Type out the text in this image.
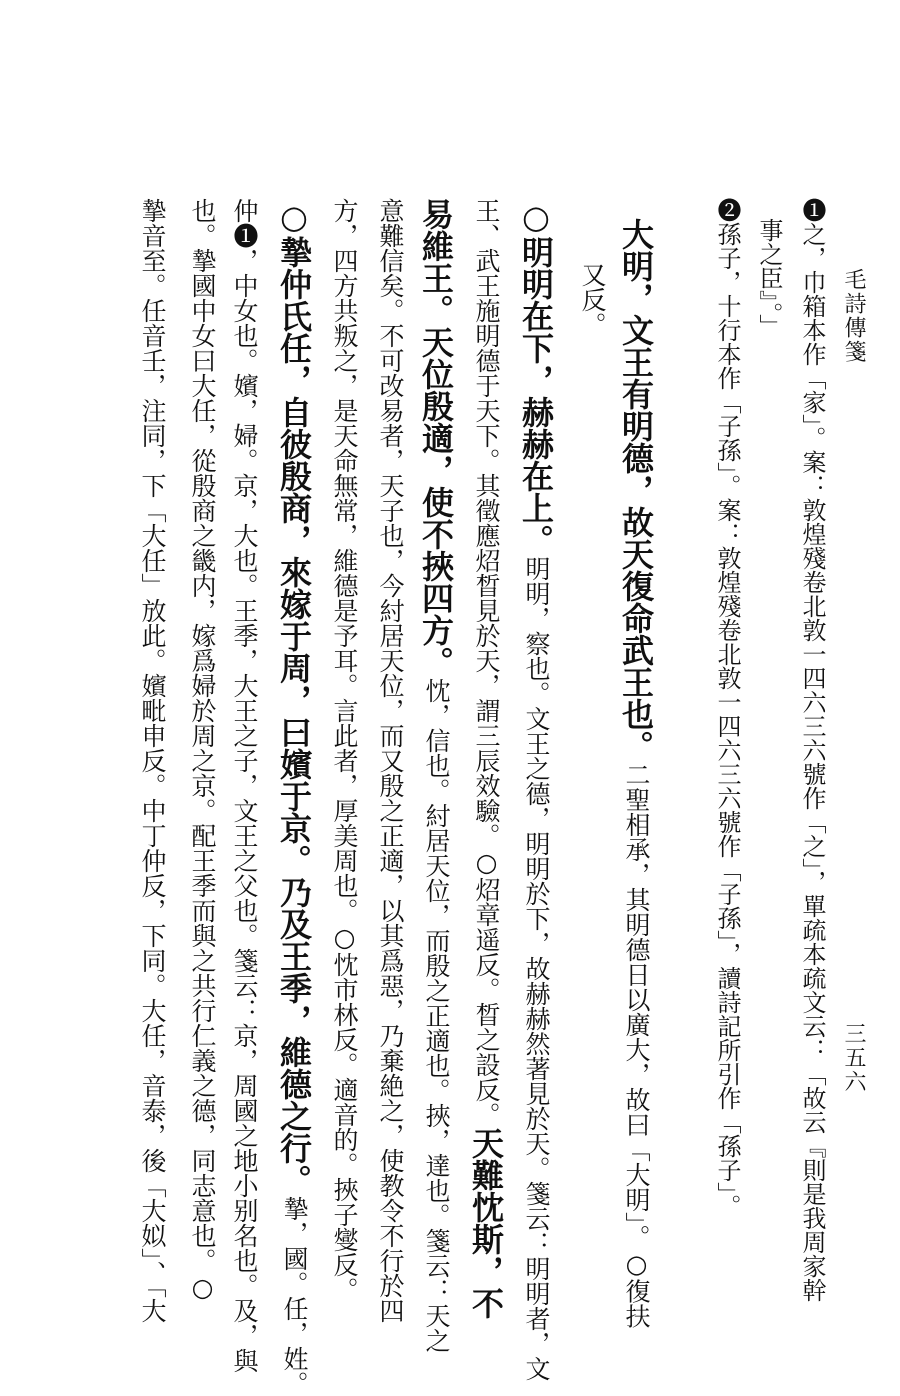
毛詩傳箋
三五六
❶之，巾箱本作「家」。案：敦煌殘卷北敦一四六三六號作「之」，單疏本疏文云：「故云『則是我周家幹
事之臣』。」
❷孫子，十行本作「子孫」。案：敦煌殘卷北敦一四六三六號作「子孫」，讀詩記所引作「孫子」。
大明，文王有明德，故天復命武王也。二聖相承，其明德日以廣大，故曰「大明」。○復扶
又反。
○明明在下，赫赫在上。明明，察也。文王之德，明明於下，故赫赫然著見於天。箋云：明明者，文
王、武王施明德于天下。其徵應炤晳見於天，謂三辰效驗。○炤章遥反。晳之設反。天難忱斯，不
易維王。天位殷適，使不挾四方。忱，信也。紂居天位，而殷之正適也。挾，達也。箋云：天之
意難信矣。不可改易者，天子也，今紂居天位，而又殷之正適，以其爲惡，乃棄絶之，使教令不行於四
方，四方共叛之，是天命無常，維德是予耳。言此者，厚美周也。○忱市林反。適音的。挾子燮反。
○摯仲氏任，自彼殷商，來嫁于周，曰嬪于京。乃及王季，維德之行。摯，國。任，姓。
仲❶，中女也。嬪，婦。京，大也。王季，大王之子，文王之父也。箋云：京，周國之地小别名也。及，與
也。摯國中女曰大任，從殷商之畿内，嫁爲婦於周之京。配王季而與之共行仁義之德，同志意也。○
摯音至。任音壬，注同，下「大任」放此。嬪毗申反。中丁仲反，下同。大任，音泰，後「大姒」、「大
